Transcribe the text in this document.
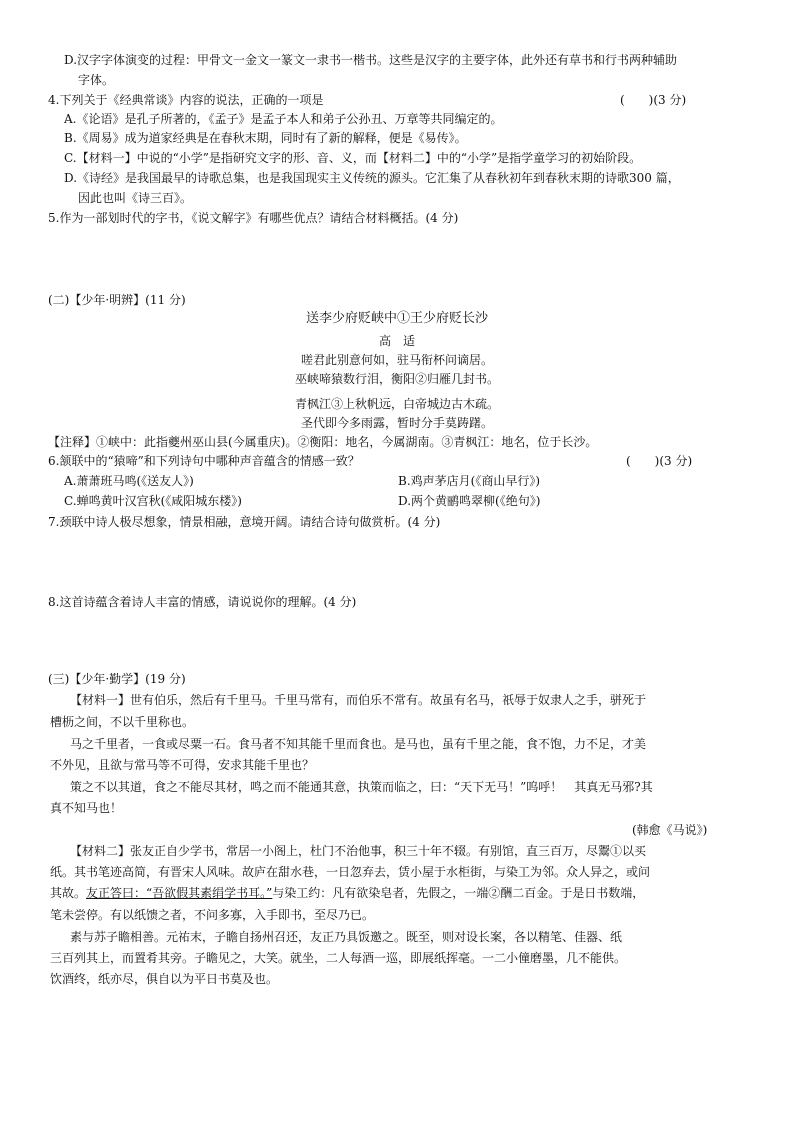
D.汉字字体演变的过程：甲骨文一金文一篆文一隶书一楷书。这些是汉字的主要字体，此外还有草书和行书两种辅助
字体。
4.下列关于《经典常谈》内容的说法，正确的一项是	(　　)(3 分)
A.《论语》是孔子所著的，《孟子》是孟子本人和弟子公孙丑、万章等共同编定的。
B.《周易》成为道家经典是在春秋末期，同时有了新的解释，便是《易传》。
C.【材料一】中说的“小学”是指研究文字的形、音、义，而【材料二】中的“小学”是指学童学习的初始阶段。
D.《诗经》是我国最早的诗歌总集，也是我国现实主义传统的源头。它汇集了从春秋初年到春秋末期的诗歌300 篇，
因此也叫《诗三百》。
5.作为一部划时代的字书，《说文解字》有哪些优点？请结合材料概括。(4 分)
(二)【少年·明辨】(11 分)
送李少府贬峡中①王少府贬长沙
高　适
嗟君此别意何如，驻马衔杯问谪居。
巫峡啼猿数行泪，衡阳②归雁几封书。
青枫江③上秋帆远，白帝城边古木疏。
圣代即今多雨露，暂时分手莫踌躇。
【注释】①峡中：此指夔州巫山县(今属重庆)。②衡阳：地名，今属湖南。③青枫江：地名，位于长沙。
6.颔联中的“猿啼”和下列诗句中哪种声音蕴含的情感一致？	(　　)(3 分)
A.萧萧班马鸣(《送友人》)	B.鸡声茅店月(《商山早行》)
C.蝉鸣黄叶汉宫秋(《咸阳城东楼》)	D.两个黄鹂鸣翠柳(《绝句》)
7.颈联中诗人极尽想象，情景相融，意境开阔。请结合诗句做赏析。(4 分)
8.这首诗蕴含着诗人丰富的情感，请说说你的理解。(4 分)
(三)【少年·勤学】(19 分)
【材料一】世有伯乐，然后有千里马。千里马常有，而伯乐不常有。故虽有名马，祇辱于奴隶人之手，骈死于
槽枥之间，不以千里称也。
马之千里者，一食或尽粟一石。食马者不知其能千里而食也。是马也，虽有千里之能，食不饱，力不足，才美
不外见，且欲与常马等不可得，安求其能千里也？
策之不以其道，食之不能尽其材，鸣之而不能通其意，执策而临之，曰：“天下无马！”呜呼！　其真无马邪?其
真不知马也！
(韩愈《马说》)
【材料二】张友正自少学书，常居一小阁上，杜门不治他事，积三十年不辍。有别馆，直三百万，尽鬻①以买
纸。其书笔迹高简，有晋宋人风味。故庐在甜水巷，一日忽弃去，赁小屋于水柜街，与染工为邻。众人异之，或问
其故。友正答曰：“吾欲假其素绢学书耳。”与染工约：凡有欲染皂者，先假之，一端②酬二百金。于是日书数端，
笔未尝停。有以纸馈之者，不问多寡，入手即书，至尽乃已。
素与苏子瞻相善。元祐末，子瞻自扬州召还，友正乃具饭邀之。既至，则对设长案，各以精笔、佳器、纸
三百列其上，而置肴其旁。子瞻见之，大笑。就坐，二人每酒一巡，即展纸挥毫。一二小僮磨墨，几不能供。
饮酒终，纸亦尽，俱自以为平日书莫及也。
